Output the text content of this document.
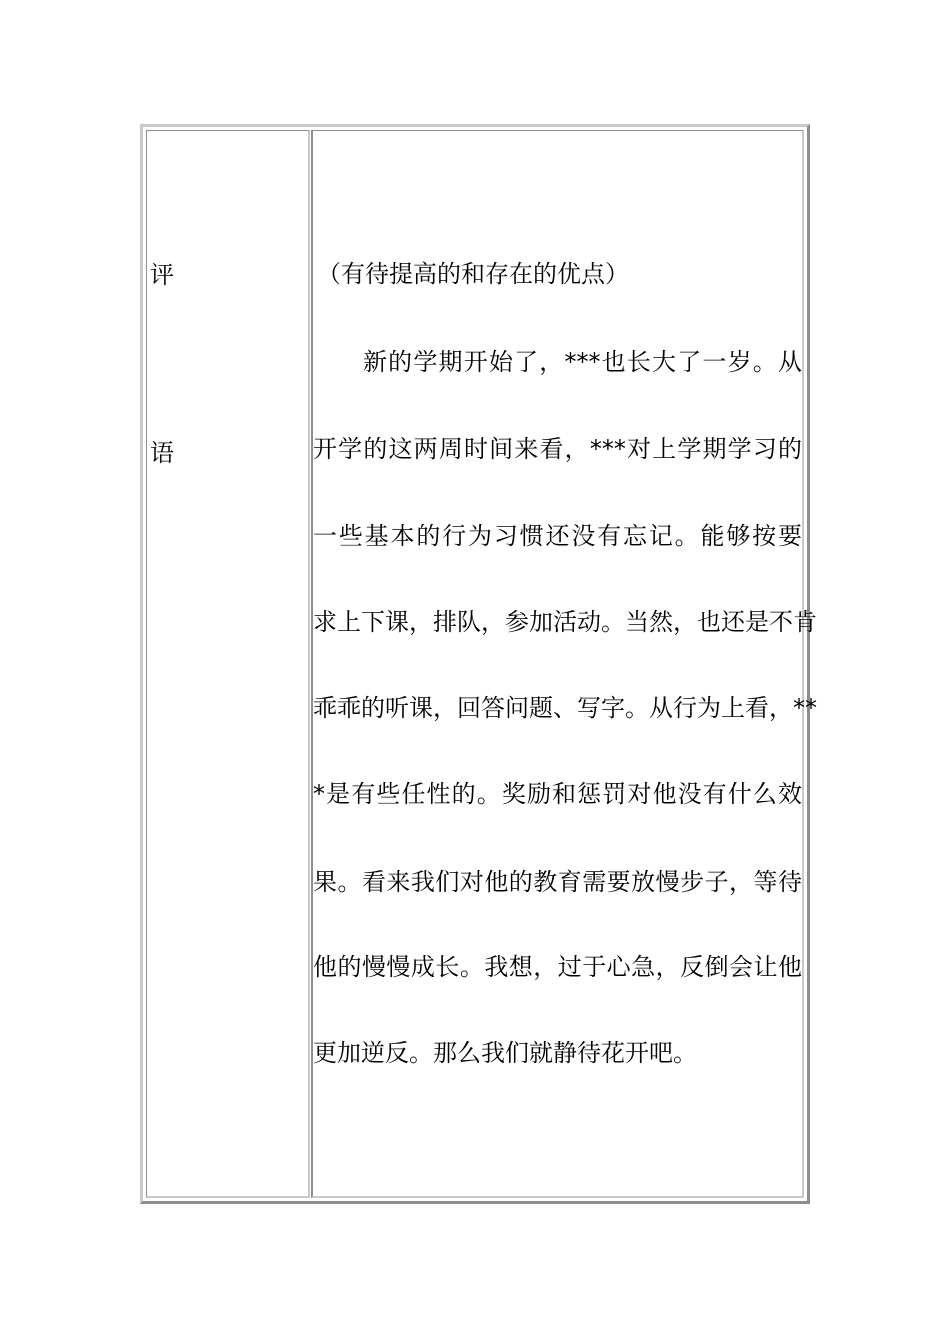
评
语
（有待提高的和存在的优点）
新的学期开始了，***也长大了一岁。从
开学的这两周时间来看，***对上学期学习的
一些基本的行为习惯还没有忘记。能够按要
求上下课，排队，参加活动。当然，也还是不肯
乖乖的听课，回答问题、写字。从行为上看，**
*是有些任性的。奖励和惩罚对他没有什么效
果。看来我们对他的教育需要放慢步子，等待
他的慢慢成长。我想，过于心急，反倒会让他
更加逆反。那么我们就静待花开吧。
